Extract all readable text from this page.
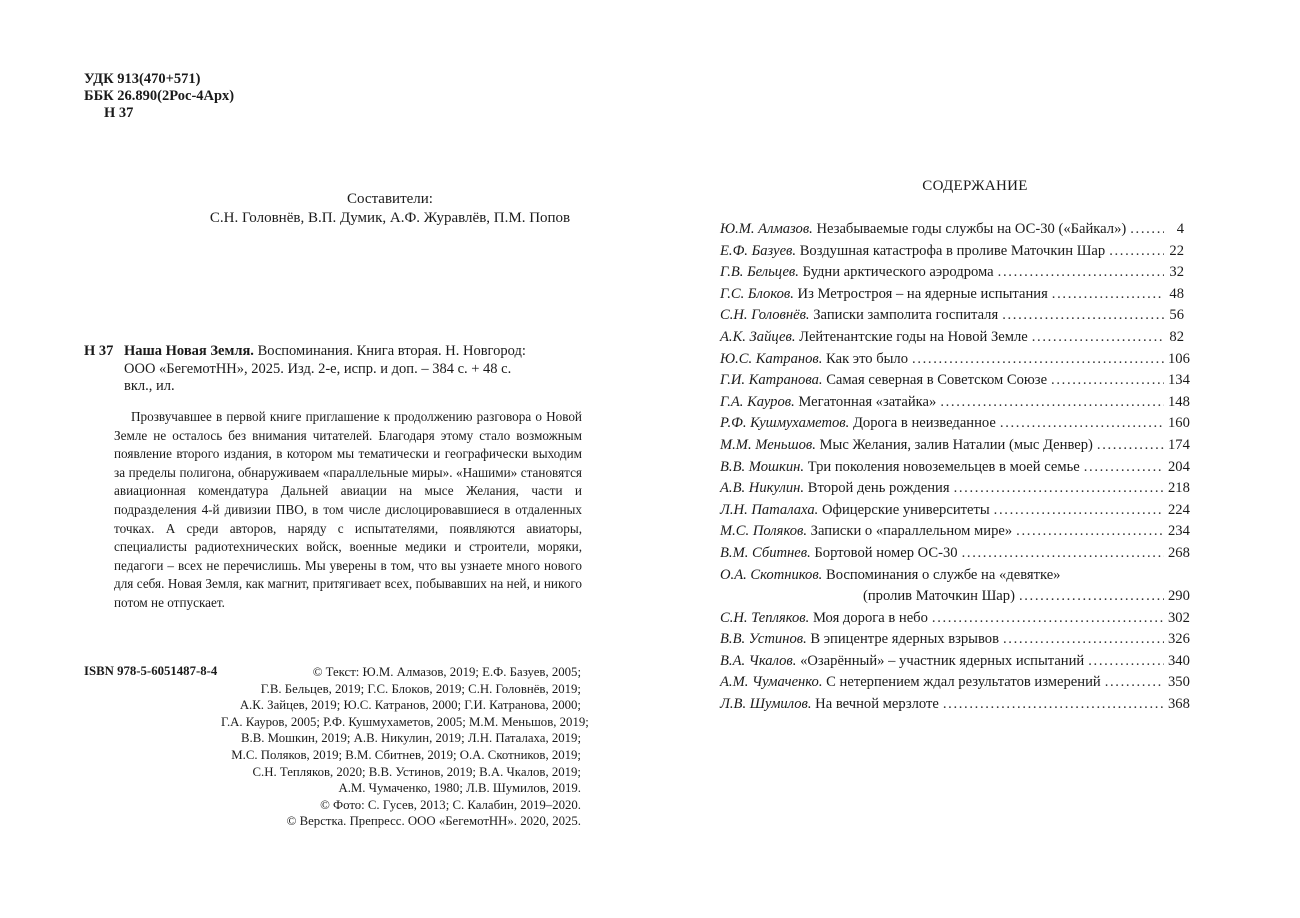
УДК 913(470+571)
ББК 26.890(2Рос-4Арх)
Н 37
Составители:
С.Н. Головнёв, В.П. Думик, А.Ф. Журавлёв, П.М. Попов
Н 37 Наша Новая Земля. Воспоминания. Книга вторая. Н. Новгород:
ООО «БегемотНН», 2025. Изд. 2-е, испр. и доп. – 384 с. + 48 с.
вкл., ил.

Прозвучавшее в первой книге приглашение к продолжению разговора о Новой Земле не осталось без внимания читателей. Благодаря этому стало возможным появление второго издания, в котором мы тематически и географически выходим за пределы полигона, обнаруживаем «параллельные миры». «Нашими» становятся авиационная комендатура Дальней авиации на мысе Желания, части и подразделения 4-й дивизии ПВО, в том числе дислоцировавшиеся в отдаленных точках. А среди авторов, наряду с испытателями, появляются авиаторы, специалисты радиотехнических войск, военные медики и строители, моряки, педагоги – всех не перечислишь. Мы уверены в том, что вы узнаете много нового для себя. Новая Земля, как магнит, притягивает всех, побывавших на ней, и никого потом не отпускает.

ISBN 978-5-6051487-8-4	© Текст: Ю.М. Алмазов, 2019; Е.Ф. Базуев, 2005;
Г.В. Бельцев, 2019; Г.С. Блоков, 2019; С.Н. Головнёв, 2019;
А.К. Зайцев, 2019; Ю.С. Катранов, 2000; Г.И. Катранова, 2000;
Г.А. Кауров, 2005; Р.Ф. Кушмухаметов, 2005; М.М. Меньшов, 2019;
В.В. Мошкин, 2019; А.В. Никулин, 2019; Л.Н. Паталаха, 2019;
М.С. Поляков, 2019; В.М. Сбитнев, 2019; О.А. Скотников, 2019;
С.Н. Тепляков, 2020; В.В. Устинов, 2019; В.А. Чкалов, 2019;
А.М. Чумаченко, 1980; Л.В. Шумилов, 2019.
© Фото: С. Гусев, 2013; С. Калабин, 2019–2020.
© Верстка. Препресс. ООО «БегемотНН». 2020, 2025.
СОДЕРЖАНИЕ
Ю.М. Алмазов.
Незабываемые годы службы на ОС-30 («Байкал») . . .	4
Е.Ф. Базуев.
Воздушная катастрофа в проливе Маточкин Шар . . .	22
Г.В. Бельцев.
Будни арктического аэродрома . . .	32
Г.С. Блоков.
Из Метростроя – на ядерные испытания . . .	48
С.Н. Головнёв.
Записки замполита госпиталя . . .	56
А.К. Зайцев.
Лейтенантские годы на Новой Земле . . .	82
Ю.С. Катранов.
Как это было . . .	106
Г.И. Катранова.
Самая северная в Советском Союзе . . .	134
Г.А. Кауров.
Мегатонная «затайка» . . .	148
Р.Ф. Кушмухаметов.
Дорога в неизведанное . . .	160
М.М. Меньшов.
Мыс Желания, залив Наталии (мыс Денвер) . . .	174
В.В. Мошкин.
Три поколения новоземельцев в моей семье . . .	204
А.В. Никулин.
Второй день рождения . . .	218
Л.Н. Паталаха.
Офицерские университеты . . .	224
М.С. Поляков.
Записки о «параллельном мире» . . .	234
В.М. Сбитнев.
Бортовой номер ОС-30 . . .	268
О.А. Скотников.
Воспоминания о службе на «девятке»
(пролив Маточкин Шар) . . .	290
С.Н. Тепляков.
Моя дорога в небо . . .	302
В.В. Устинов.
В эпицентре ядерных взрывов . . .	326
В.А. Чкалов.
«Озарённый» – участник ядерных испытаний . . .	340
А.М. Чумаченко.
С нетерпением ждал результатов измерений . . .	350
Л.В. Шумилов.
На вечной мерзлоте . . .	368
